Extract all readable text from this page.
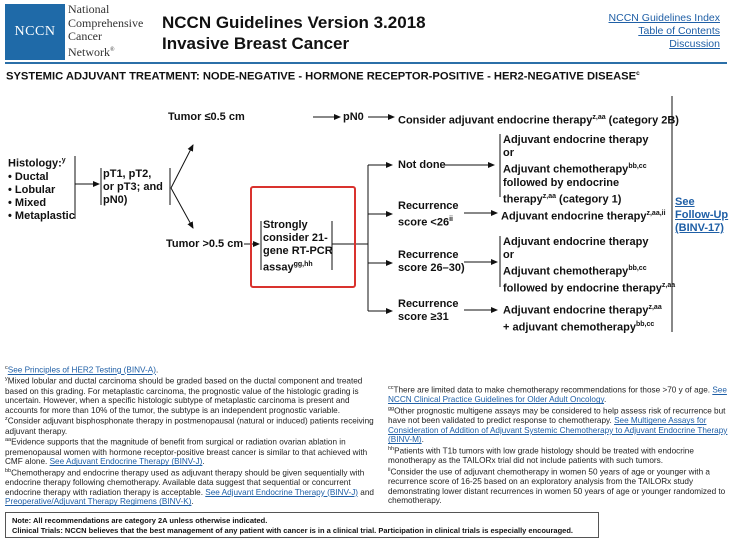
NCCN
National
Comprehensive
Cancer
Network®
NCCN Guidelines Version 3.2018
Invasive Breast Cancer
NCCN Guidelines Index
Table of Contents
Discussion
SYSTEMIC ADJUVANT TREATMENT: NODE-NEGATIVE - HORMONE RECEPTOR-POSITIVE - HER2-NEGATIVE DISEASE$^c$
Histology:$^y$
• Ductal
• Lobular
• Mixed
• Metaplastic
pT1, pT2,
or pT3; and
pN0)
Tumor ≤0.5 cm	pN0	Consider adjuvant endocrine therapy$^{z,aa}$ (category 2B)
Tumor >0.5 cm
Strongly
consider 21-
gene RT-PCR
assay$^{gg,hh}$
Not done
Recurrence
score $<26^{ii}$
Recurrence
score 26–30)
Recurrence
score ≥31
Adjuvant endocrine therapy
or
Adjuvant chemotherapy$^{bb,cc}$
followed by endocrine
therapy$^{z,aa}$ (category 1)
Adjuvant endocrine therapy$^{z,aa,ii}$
Adjuvant endocrine therapy
or
Adjuvant chemotherapy$^{bb,cc}$
followed by endocrine therapy$^{z,aa}$
Adjuvant endocrine therapy$^{z,aa}$
+ adjuvant chemotherapy$^{bb,cc}$
See
Follow-Up
(BINV-17)
$^c$See Principles of HER2 Testing (BINV-A).
$^y$Mixed lobular and ductal carcinoma should be graded based on the ductal component and treated based on this grading. For metaplastic carcinoma, the prognostic value of the histologic grading is uncertain. However, when a specific histologic subtype of metaplastic carcinoma is present and accounts for more than 10% of the tumor, the subtype is an independent prognostic variable.
$^z$Consider adjuvant bisphosphonate therapy in postmenopausal (natural or induced) patients receiving adjuvant therapy.
$^{aa}$Evidence supports that the magnitude of benefit from surgical or radiation ovarian ablation in premenopausal women with hormone receptor-positive breast cancer is similar to that achieved with CMF alone. See Adjuvant Endocrine Therapy (BINV-J).
$^{bb}$Chemotherapy and endocrine therapy used as adjuvant therapy should be given sequentially with endocrine therapy following chemotherapy. Available data suggest that sequential or concurrent endocrine therapy with radiation therapy is acceptable. See Adjuvant Endocrine Therapy (BINV-J) and Preoperative/Adjuvant Therapy Regimens (BINV-K).
$^{cc}$There are limited data to make chemotherapy recommendations for those >70 y of age. See NCCN Clinical Practice Guidelines for Older Adult Oncology.
$^{gg}$Other prognostic multigene assays may be considered to help assess risk of recurrence but have not been validated to predict response to chemotherapy. See Multigene Assays for Consideration of Addition of Adjuvant Systemic Chemotherapy to Adjuvant Endocrine Therapy (BINV-M).
$^{hh}$Patients with T1b tumors with low grade histology should be treated with endocrine monotherapy as the TAILORx trial did not include patients with such tumors.
$^{ii}$Consider the use of adjuvant chemotherapy in women 50 years of age or younger with a recurrence score of 16-25 based on an exploratory analysis from the TAILORx study demonstrating lower distant recurrences in women 50 years of age or younger randomized to chemotherapy.
Note: All recommendations are category 2A unless otherwise indicated.
Clinical Trials: NCCN believes that the best management of any patient with cancer is in a clinical trial. Participation in clinical trials is especially encouraged.
